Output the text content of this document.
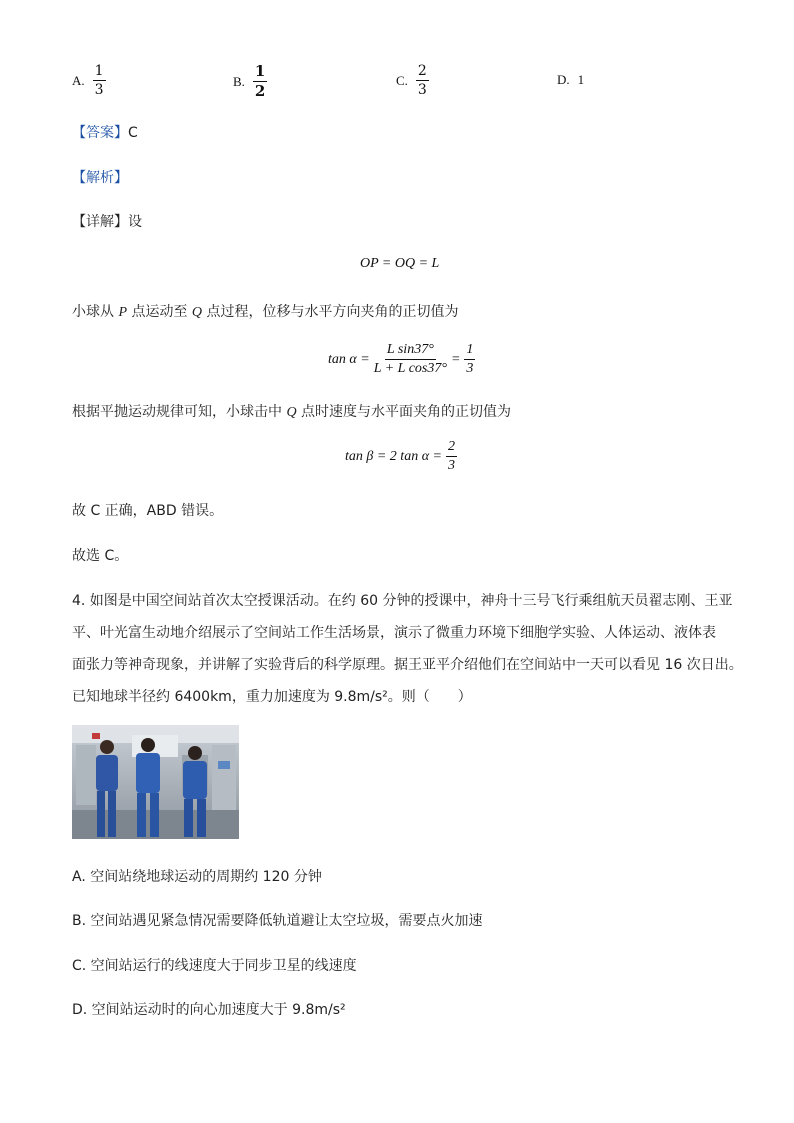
A. $\frac{1}{3}$	B. $\frac{1}{2}$	C. $\frac{2}{3}$	D. 1
【答案】C
【解析】
【详解】设
OP = OQ = L
小球从 P 点运动至 Q 点过程，位移与水平方向夹角的正切值为
$\tan \alpha = \frac{\text{L sin37°}}{\text{L + L cos37°}} = \frac{1}{3}$
根据平抛运动规律可知，小球击中 Q 点时速度与水平面夹角的正切值为
tan β = 2 $\tan \alpha = \frac{2}{3}$
故 C 正确，ABD 错误。
故选 C。
4. 如图是中国空间站首次太空授课活动。在约 60 分钟的授课中，神舟十三号飞行乘组航天员翟志刚、王亚
平、叶光富生动地介绍展示了空间站工作生活场景，演示了微重力环境下细胞学实验、人体运动、液体表
面张力等神奇现象，并讲解了实验背后的科学原理。据王亚平介绍他们在空间站中一天可以看见 16 次日出。
已知地球半径约 6400km，重力加速度为 9.8m/s²。则（　　）
A. 空间站绕地球运动的周期约 120 分钟
B. 空间站遇见紧急情况需要降低轨道避让太空垃圾，需要点火加速
C. 空间站运行的线速度大于同步卫星的线速度
D. 空间站运动时的向心加速度大于 9.8m/s²
